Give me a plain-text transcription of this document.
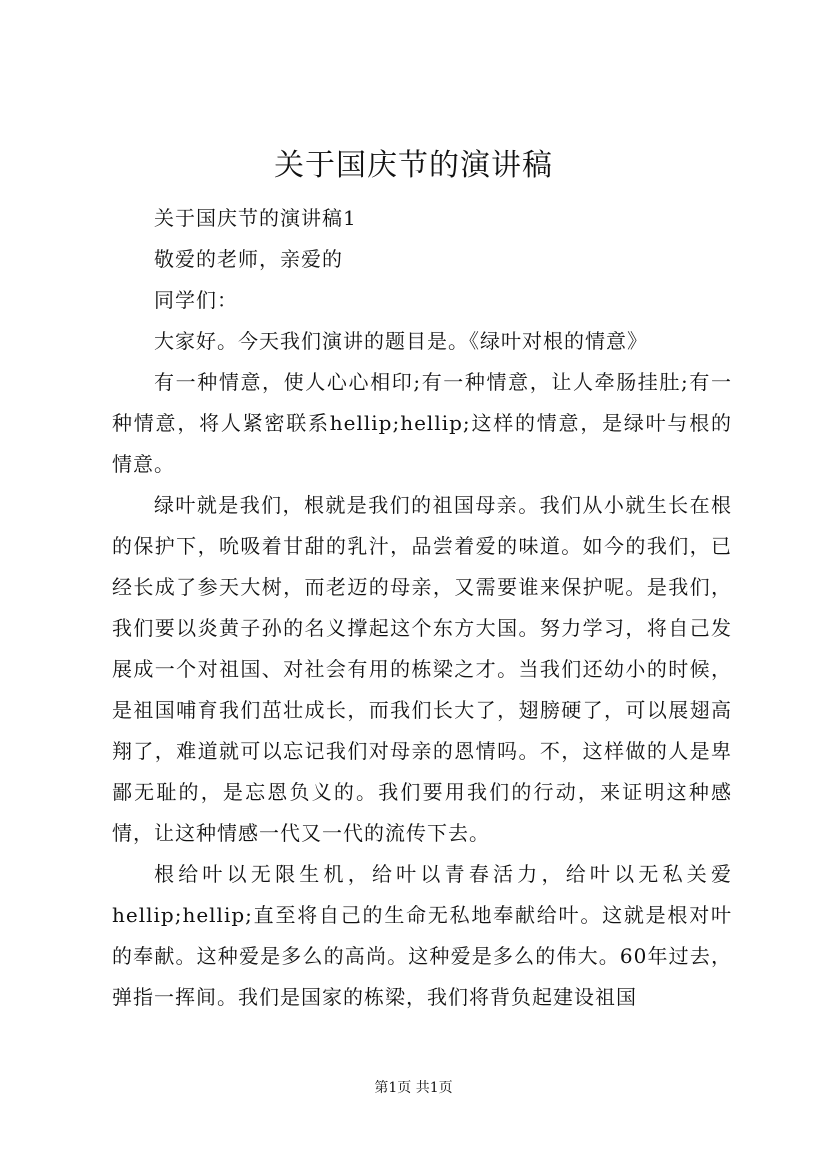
关于国庆节的演讲稿

关于国庆节的演讲稿1

敬爱的老师，亲爱的

同学们：

大家好。今天我们演讲的题目是。《绿叶对根的情意》

有一种情意，使人心心相印;有一种情意，让人牵肠挂肚;有一种情意，将人紧密联系hellip;hellip;这样的情意，是绿叶与根的情意。

绿叶就是我们，根就是我们的祖国母亲。我们从小就生长在根的保护下，吮吸着甘甜的乳汁，品尝着爱的味道。如今的我们，已经长成了参天大树，而老迈的母亲，又需要谁来保护呢。是我们，我们要以炎黄子孙的名义撑起这个东方大国。努力学习，将自己发展成一个对祖国、对社会有用的栋梁之才。当我们还幼小的时候，是祖国哺育我们茁壮成长，而我们长大了，翅膀硬了，可以展翅高翔了，难道就可以忘记我们对母亲的恩情吗。不，这样做的人是卑鄙无耻的，是忘恩负义的。我们要用我们的行动，来证明这种感情，让这种情感一代又一代的流传下去。

根给叶以无限生机，给叶以青春活力，给叶以无私关爱hellip;hellip;直至将自己的生命无私地奉献给叶。这就是根对叶的奉献。这种爱是多么的高尚。这种爱是多么的伟大。60年过去，弹指一挥间。我们是国家的栋梁，我们将背负起建设祖国

第1页 共1页
